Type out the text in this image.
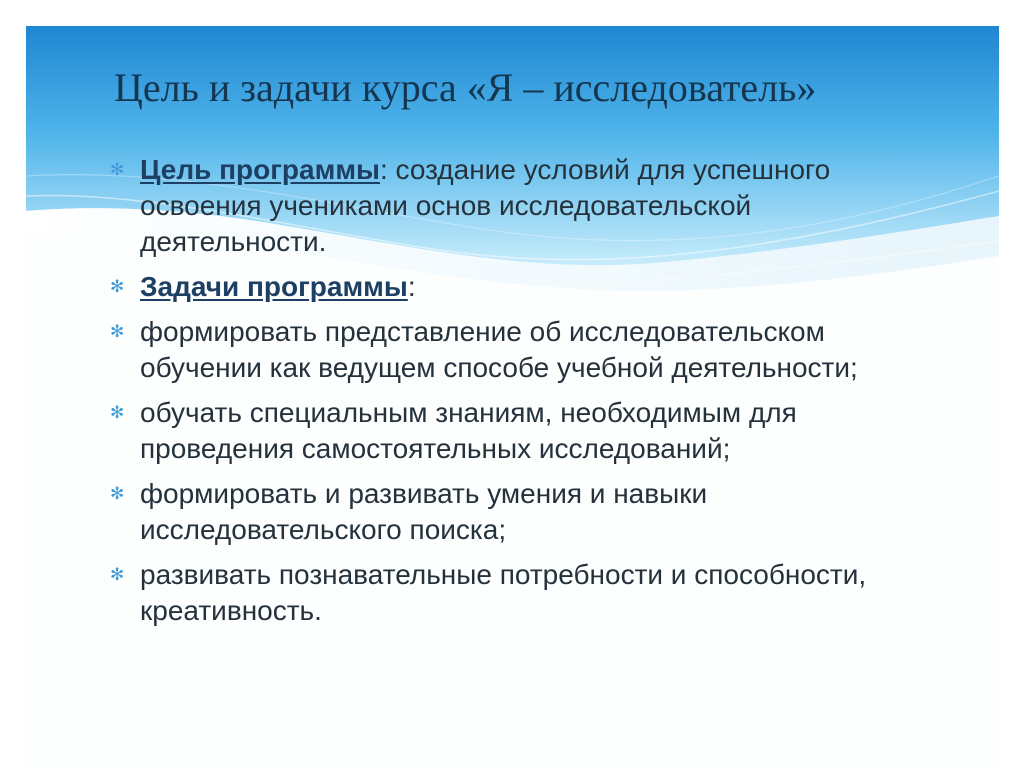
Цель и задачи курса «Я – исследователь»
✻ Цель программы: создание условий для успешного освоения учениками основ исследовательской деятельности.
✻ Задачи программы:
✻ формировать представление об исследовательском обучении как ведущем способе учебной деятельности;
✻ обучать специальным знаниям, необходимым для проведения самостоятельных исследований;
✻ формировать и развивать умения и навыки исследовательского поиска;
✻ развивать познавательные потребности и способности, креативность.
